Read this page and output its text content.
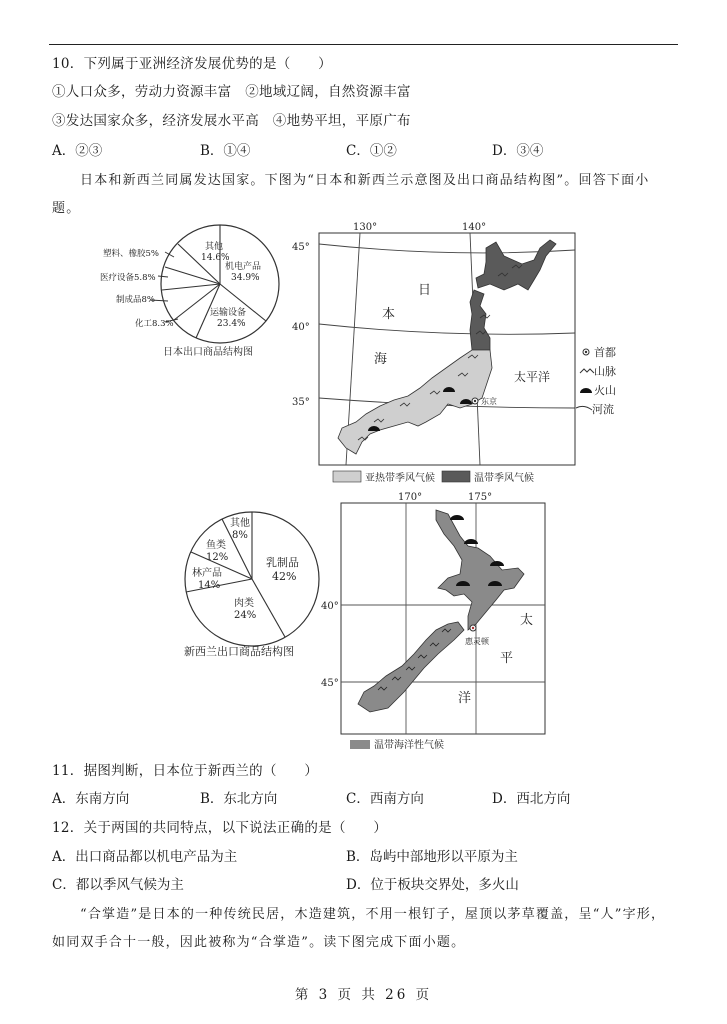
10．下列属于亚洲经济发展优势的是（　　）
①人口众多，劳动力资源丰富　②地域辽阔，自然资源丰富
③发达国家众多，经济发展水平高　④地势平坦，平原广布
A．②③	B．①④	C．①②	D．③④
日本和新西兰同属发达国家。下图为“日本和新西兰示意图及出口商品结构图”。回答下面小
题。
其他
14.6%
机电产品
34.9%
运输设备
23.4%
塑料、橡胶5%
医疗设备5.8%
制成品8%
化工8.3%
日本出口商品结构图
130°	140°
45°
40°
35°	东京
日
本
海
太平洋
亚热带季风气候	温带季风气候
首都
山脉
火山
河流
其他
8%
鱼类
12%
林产品
14%
乳制品
42%
肉类
24%
新西兰出口商品结构图
170°	175°
40°
45°
惠灵顿
太
平
洋
温带海洋性气候
11．据图判断，日本位于新西兰的（　　）
A．东南方向	B．东北方向	C．西南方向	D．西北方向
12．关于两国的共同特点，以下说法正确的是（　　）
A．出口商品都以机电产品为主	B．岛屿中部地形以平原为主
C．都以季风气候为主	D．位于板块交界处，多火山
“合掌造”是日本的一种传统民居，木造建筑，不用一根钉子，屋顶以茅草覆盖，呈“人”字形，
如同双手合十一般，因此被称为“合掌造”。读下图完成下面小题。
第 3 页 共 26 页
